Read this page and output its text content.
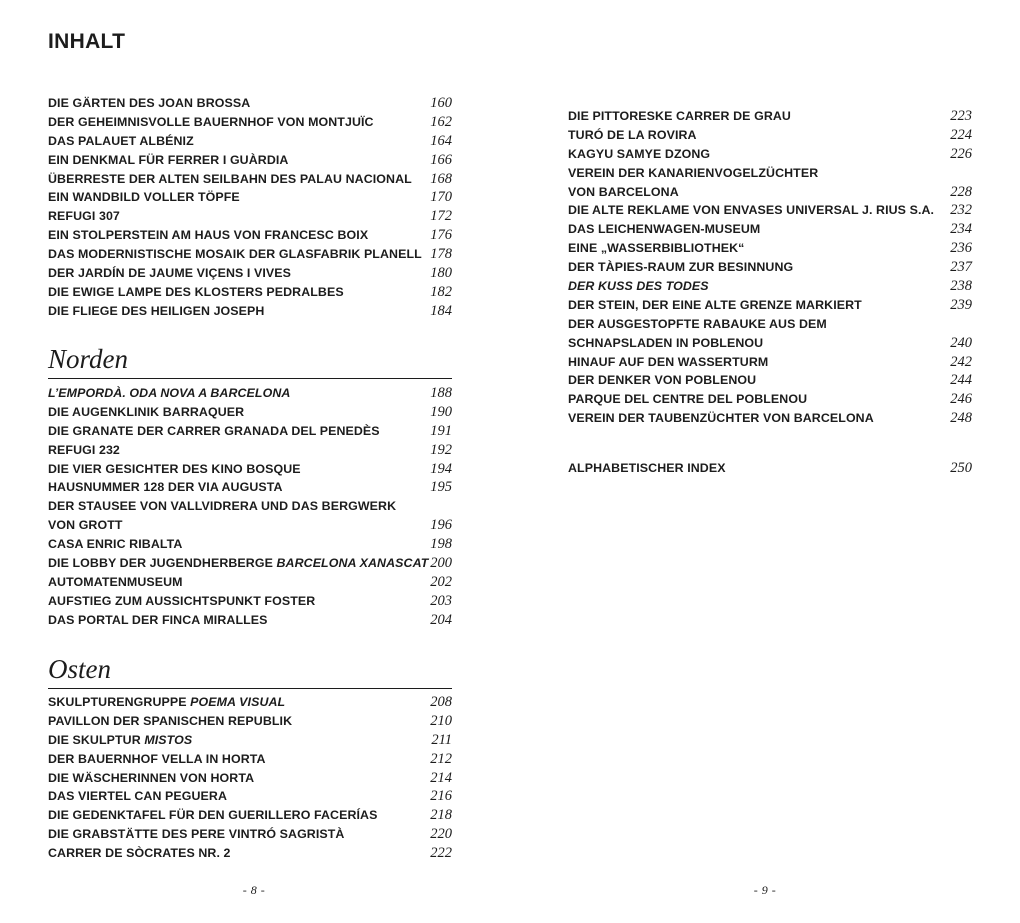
INHALT
DIE GÄRTEN DES JOAN BROSSA	160
DER GEHEIMNISVOLLE BAUERNHOF VON MONTJUÏC	162
DAS PALAUET ALBÉNIZ	164
EIN DENKMAL FÜR FERRER I GUÀRDIA	166
ÜBERRESTE DER ALTEN SEILBAHN DES PALAU NACIONAL 168
EIN WANDBILD VOLLER TÖPFE	170
REFUGI 307	172
EIN STOLPERSTEIN AM HAUS VON FRANCESC BOIX	176
DAS MODERNISTISCHE MOSAIK DER GLASFABRIK PLANELL 178
DER JARDÍN DE JAUME VIÇENS I VIVES	180
DIE EWIGE LAMPE DES KLOSTERS PEDRALBES	182
DIE FLIEGE DES HEILIGEN JOSEPH	184
Norden
L’EMPORDÀ. ODA NOVA A BARCELONA	188
DIE AUGENKLINIK BARRAQUER	190
DIE GRANATE DER CARRER GRANADA DEL PENEDÈS	191
REFUGI 232	192
DIE VIER GESICHTER DES KINO BOSQUE	194
HAUSNUMMER 128 DER VIA AUGUSTA	195
DER STAUSEE VON VALLVIDRERA UND DAS BERGWERK
VON GROTT	196
CASA ENRIC RIBALTA	198
DIE LOBBY DER JUGENDHERBERGE BARCELONA XANASCAT 200
AUTOMATENMUSEUM	202
AUFSTIEG ZUM AUSSICHTSPUNKT FOSTER	203
DAS PORTAL DER FINCA MIRALLES	204
Osten
SKULPTURENGRUPPE POEMA VISUAL	208
PAVILLON DER SPANISCHEN REPUBLIK	210
DIE SKULPTUR MISTOS	211
DER BAUERNHOF VELLA IN HORTA	212
DIE WÄSCHERINNEN VON HORTA	214
DAS VIERTEL CAN PEGUERA	216
DIE GEDENKTAFEL FÜR DEN GUERILLERO FACERÍAS	218
DIE GRABSTÄTTE DES PERE VINTRÓ SAGRISTÀ	220
CARRER DE SÒCRATES NR. 2	222
- 8 -
DIE PITTORESKE CARRER DE GRAU	223
TURÓ DE LA ROVIRA	224
KAGYU SAMYE DZONG	226
VEREIN DER KANARIENVOGELZÜCHTER
VON BARCELONA	228
DIE ALTE REKLAME VON ENVASES UNIVERSAL J. RIUS S.A. 232
DAS LEICHENWAGEN-MUSEUM	234
EINE „WASSERBIBLIOTHEK“	236
DER TÀPIES-RAUM ZUR BESINNUNG	237
DER KUSS DES TODES	238
DER STEIN, DER EINE ALTE GRENZE MARKIERT	239
DER AUSGESTOPFTE RABAUKE AUS DEM
SCHNAPSLADEN IN POBLENOU	240
HINAUF AUF DEN WASSERTURM	242
DER DENKER VON POBLENOU	244
PARQUE DEL CENTRE DEL POBLENOU	246
VEREIN DER TAUBENZÜCHTER VON BARCELONA	248
ALPHABETISCHER INDEX	250
- 9 -
